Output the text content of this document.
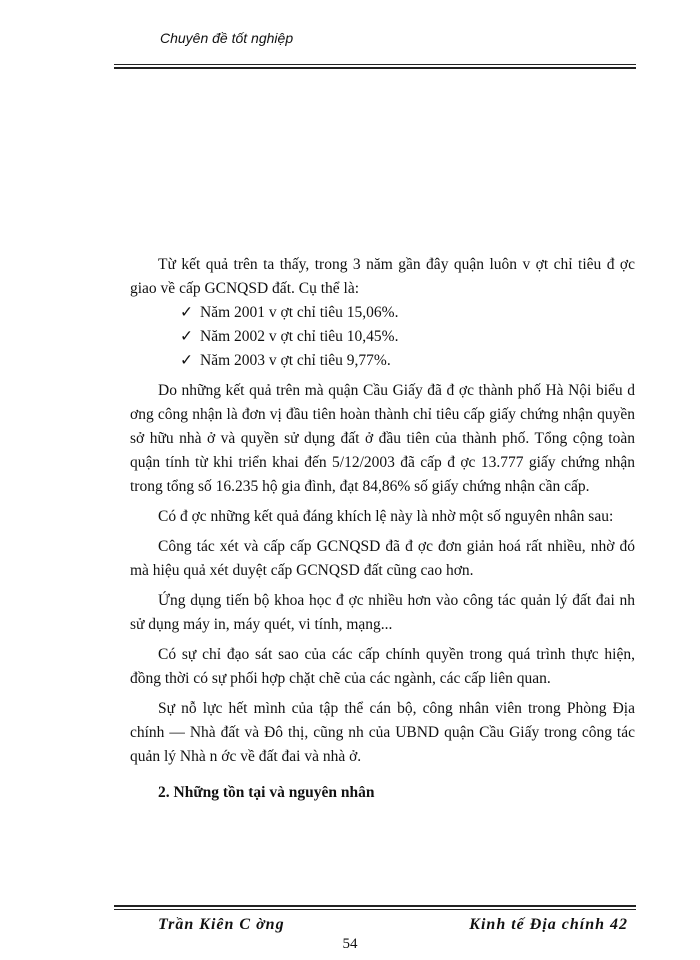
Chuyên đề tốt nghiệp

Từ kết quả trên ta thấy, trong 3 năm gần đây quận luôn v ợt chỉ tiêu đ ợc giao về cấp GCNQSD đất. Cụ thể là:

✓ Năm 2001 v ợt chỉ tiêu 15,06%.

✓ Năm 2002 v ợt chỉ tiêu 10,45%.

✓ Năm 2003 v ợt chỉ tiêu 9,77%.

Do những kết quả trên mà quận Cầu Giấy đã đ ợc thành phố Hà Nội biểu d ơng công nhận là đơn vị đầu tiên hoàn thành chỉ tiêu cấp giấy chứng nhận quyền sở hữu nhà ở và quyền sử dụng đất ở đầu tiên của thành phố. Tổng cộng toàn quận tính từ khi triển khai đến 5/12/2003 đã cấp đ ợc 13.777 giấy chứng nhận trong tổng số 16.235 hộ gia đình, đạt 84,86% số giấy chứng nhận cần cấp.

Có đ ợc những kết quả đáng khích lệ này là nhờ một số nguyên nhân sau:

Công tác xét và cấp cấp GCNQSD đã đ ợc đơn giản hoá rất nhiều, nhờ đó mà hiệu quả xét duyệt cấp GCNQSD đất cũng cao hơn.

Ứng dụng tiến bộ khoa học đ ợc nhiều hơn vào công tác quản lý đất đai nh sử dụng máy in, máy quét, vi tính, mạng...

Có sự chỉ đạo sát sao của các cấp chính quyền trong quá trình thực hiện, đồng thời có sự phối hợp chặt chẽ của các ngành, các cấp liên quan.

Sự nỗ lực hết mình của tập thể cán bộ, công nhân viên trong Phòng Địa chính — Nhà đất và Đô thị, cũng nh của UBND quận Cầu Giấy trong công tác quản lý Nhà n ớc về đất đai và nhà ở.

2. Những tồn tại và nguyên nhân

Trần Kiên C ờng	Kinh tế Địa chính 42
54
